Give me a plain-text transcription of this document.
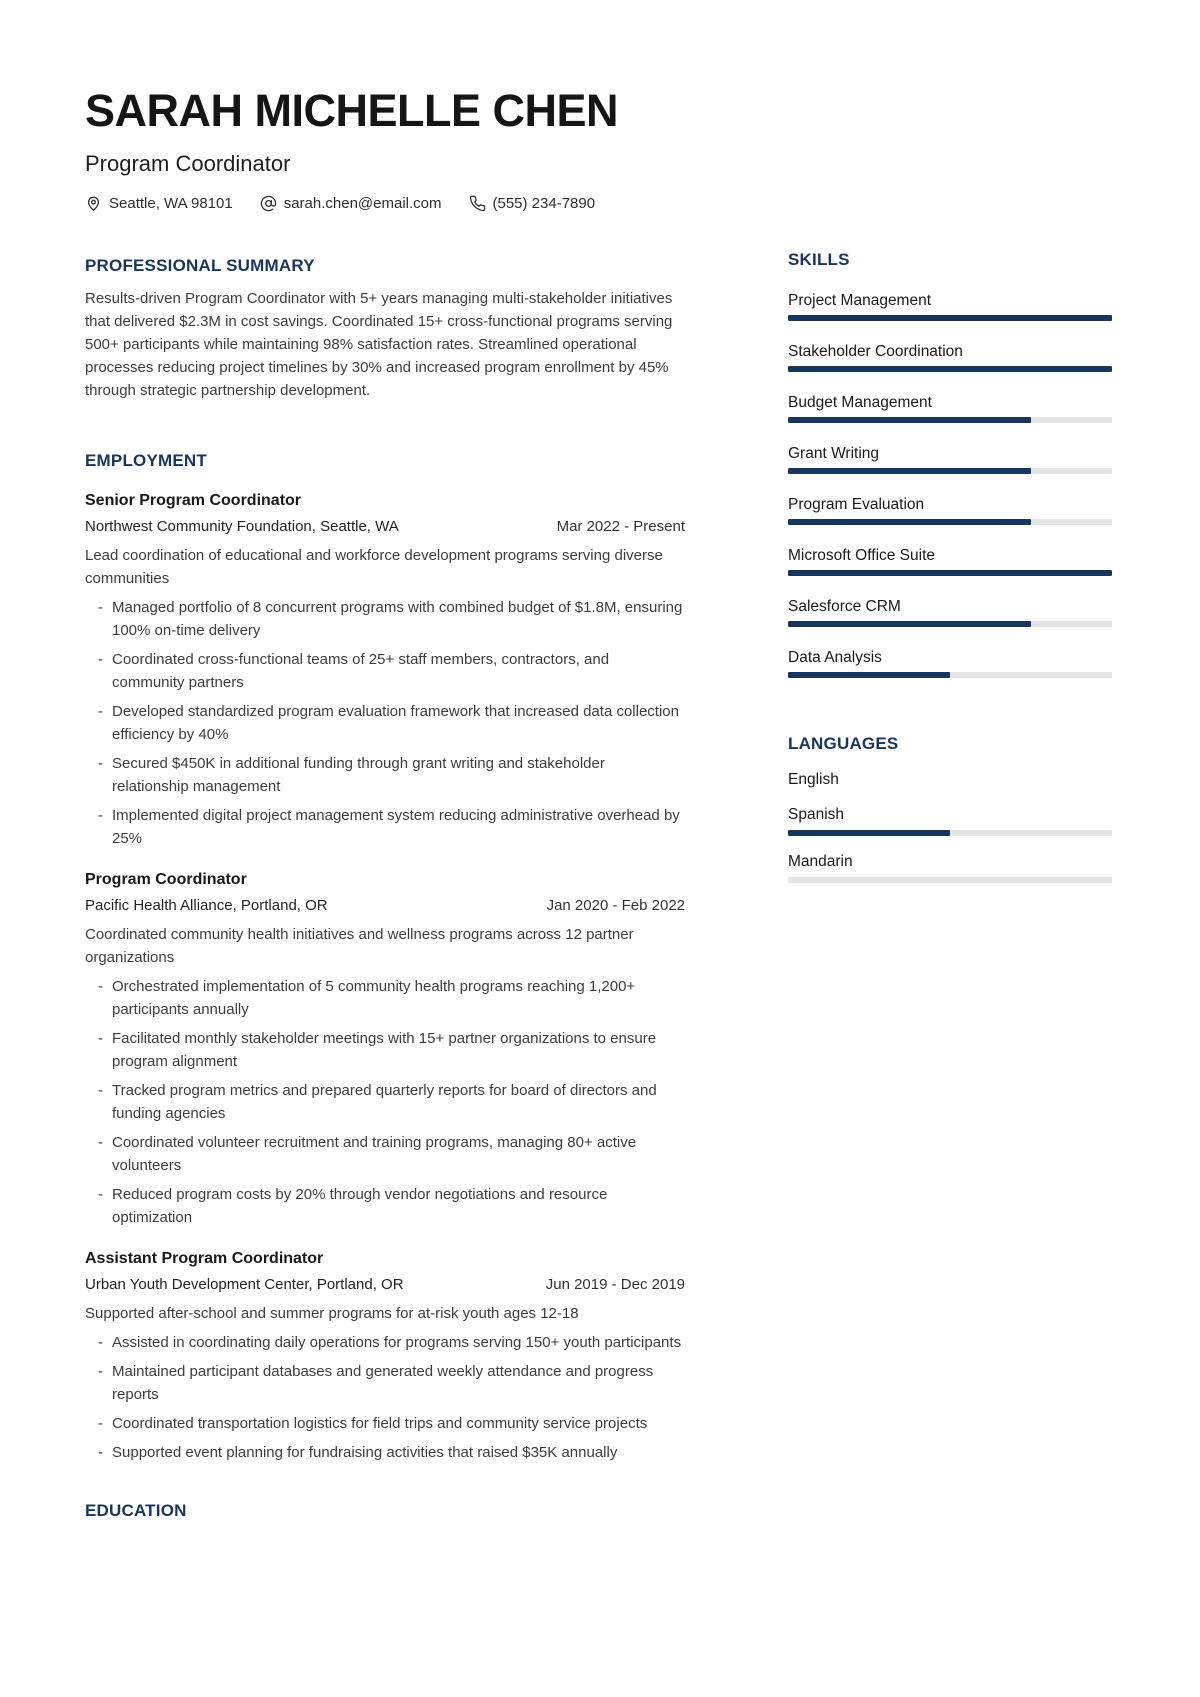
SARAH MICHELLE CHEN
Program Coordinator
Seattle, WA 98101	sarah.chen@email.com	(555) 234-7890
PROFESSIONAL SUMMARY

Results-driven Program Coordinator with 5+ years managing multi-stakeholder initiatives that delivered $2.3M in cost savings. Coordinated 15+ cross-functional programs serving 500+ participants while maintaining 98% satisfaction rates. Streamlined operational processes reducing project timelines by 30% and increased program enrollment by 45% through strategic partnership development.

EMPLOYMENT
Senior Program Coordinator
Northwest Community Foundation, Seattle, WA	Mar 2022 - Present
Lead coordination of educational and workforce development programs serving diverse communities
- Managed portfolio of 8 concurrent programs with combined budget of $1.8M, ensuring 100% on-time delivery
- Coordinated cross-functional teams of 25+ staff members, contractors, and community partners
- Developed standardized program evaluation framework that increased data collection efficiency by 40%
- Secured $450K in additional funding through grant writing and stakeholder relationship management
- Implemented digital project management system reducing administrative overhead by 25%
Program Coordinator
Pacific Health Alliance, Portland, OR	Jan 2020 - Feb 2022
Coordinated community health initiatives and wellness programs across 12 partner organizations
- Orchestrated implementation of 5 community health programs reaching 1,200+ participants annually
- Facilitated monthly stakeholder meetings with 15+ partner organizations to ensure program alignment
- Tracked program metrics and prepared quarterly reports for board of directors and funding agencies
- Coordinated volunteer recruitment and training programs, managing 80+ active volunteers
- Reduced program costs by 20% through vendor negotiations and resource optimization
Assistant Program Coordinator
Urban Youth Development Center, Portland, OR	Jun 2019 - Dec 2019
Supported after-school and summer programs for at-risk youth ages 12-18
- Assisted in coordinating daily operations for programs serving 150+ youth participants
- Maintained participant databases and generated weekly attendance and progress reports
- Coordinated transportation logistics for field trips and community service projects
- Supported event planning for fundraising activities that raised $35K annually
EDUCATION
SKILLS
Project Management
Stakeholder Coordination
Budget Management
Grant Writing
Program Evaluation
Microsoft Office Suite
Salesforce CRM
Data Analysis
LANGUAGES
English
Spanish
Mandarin
